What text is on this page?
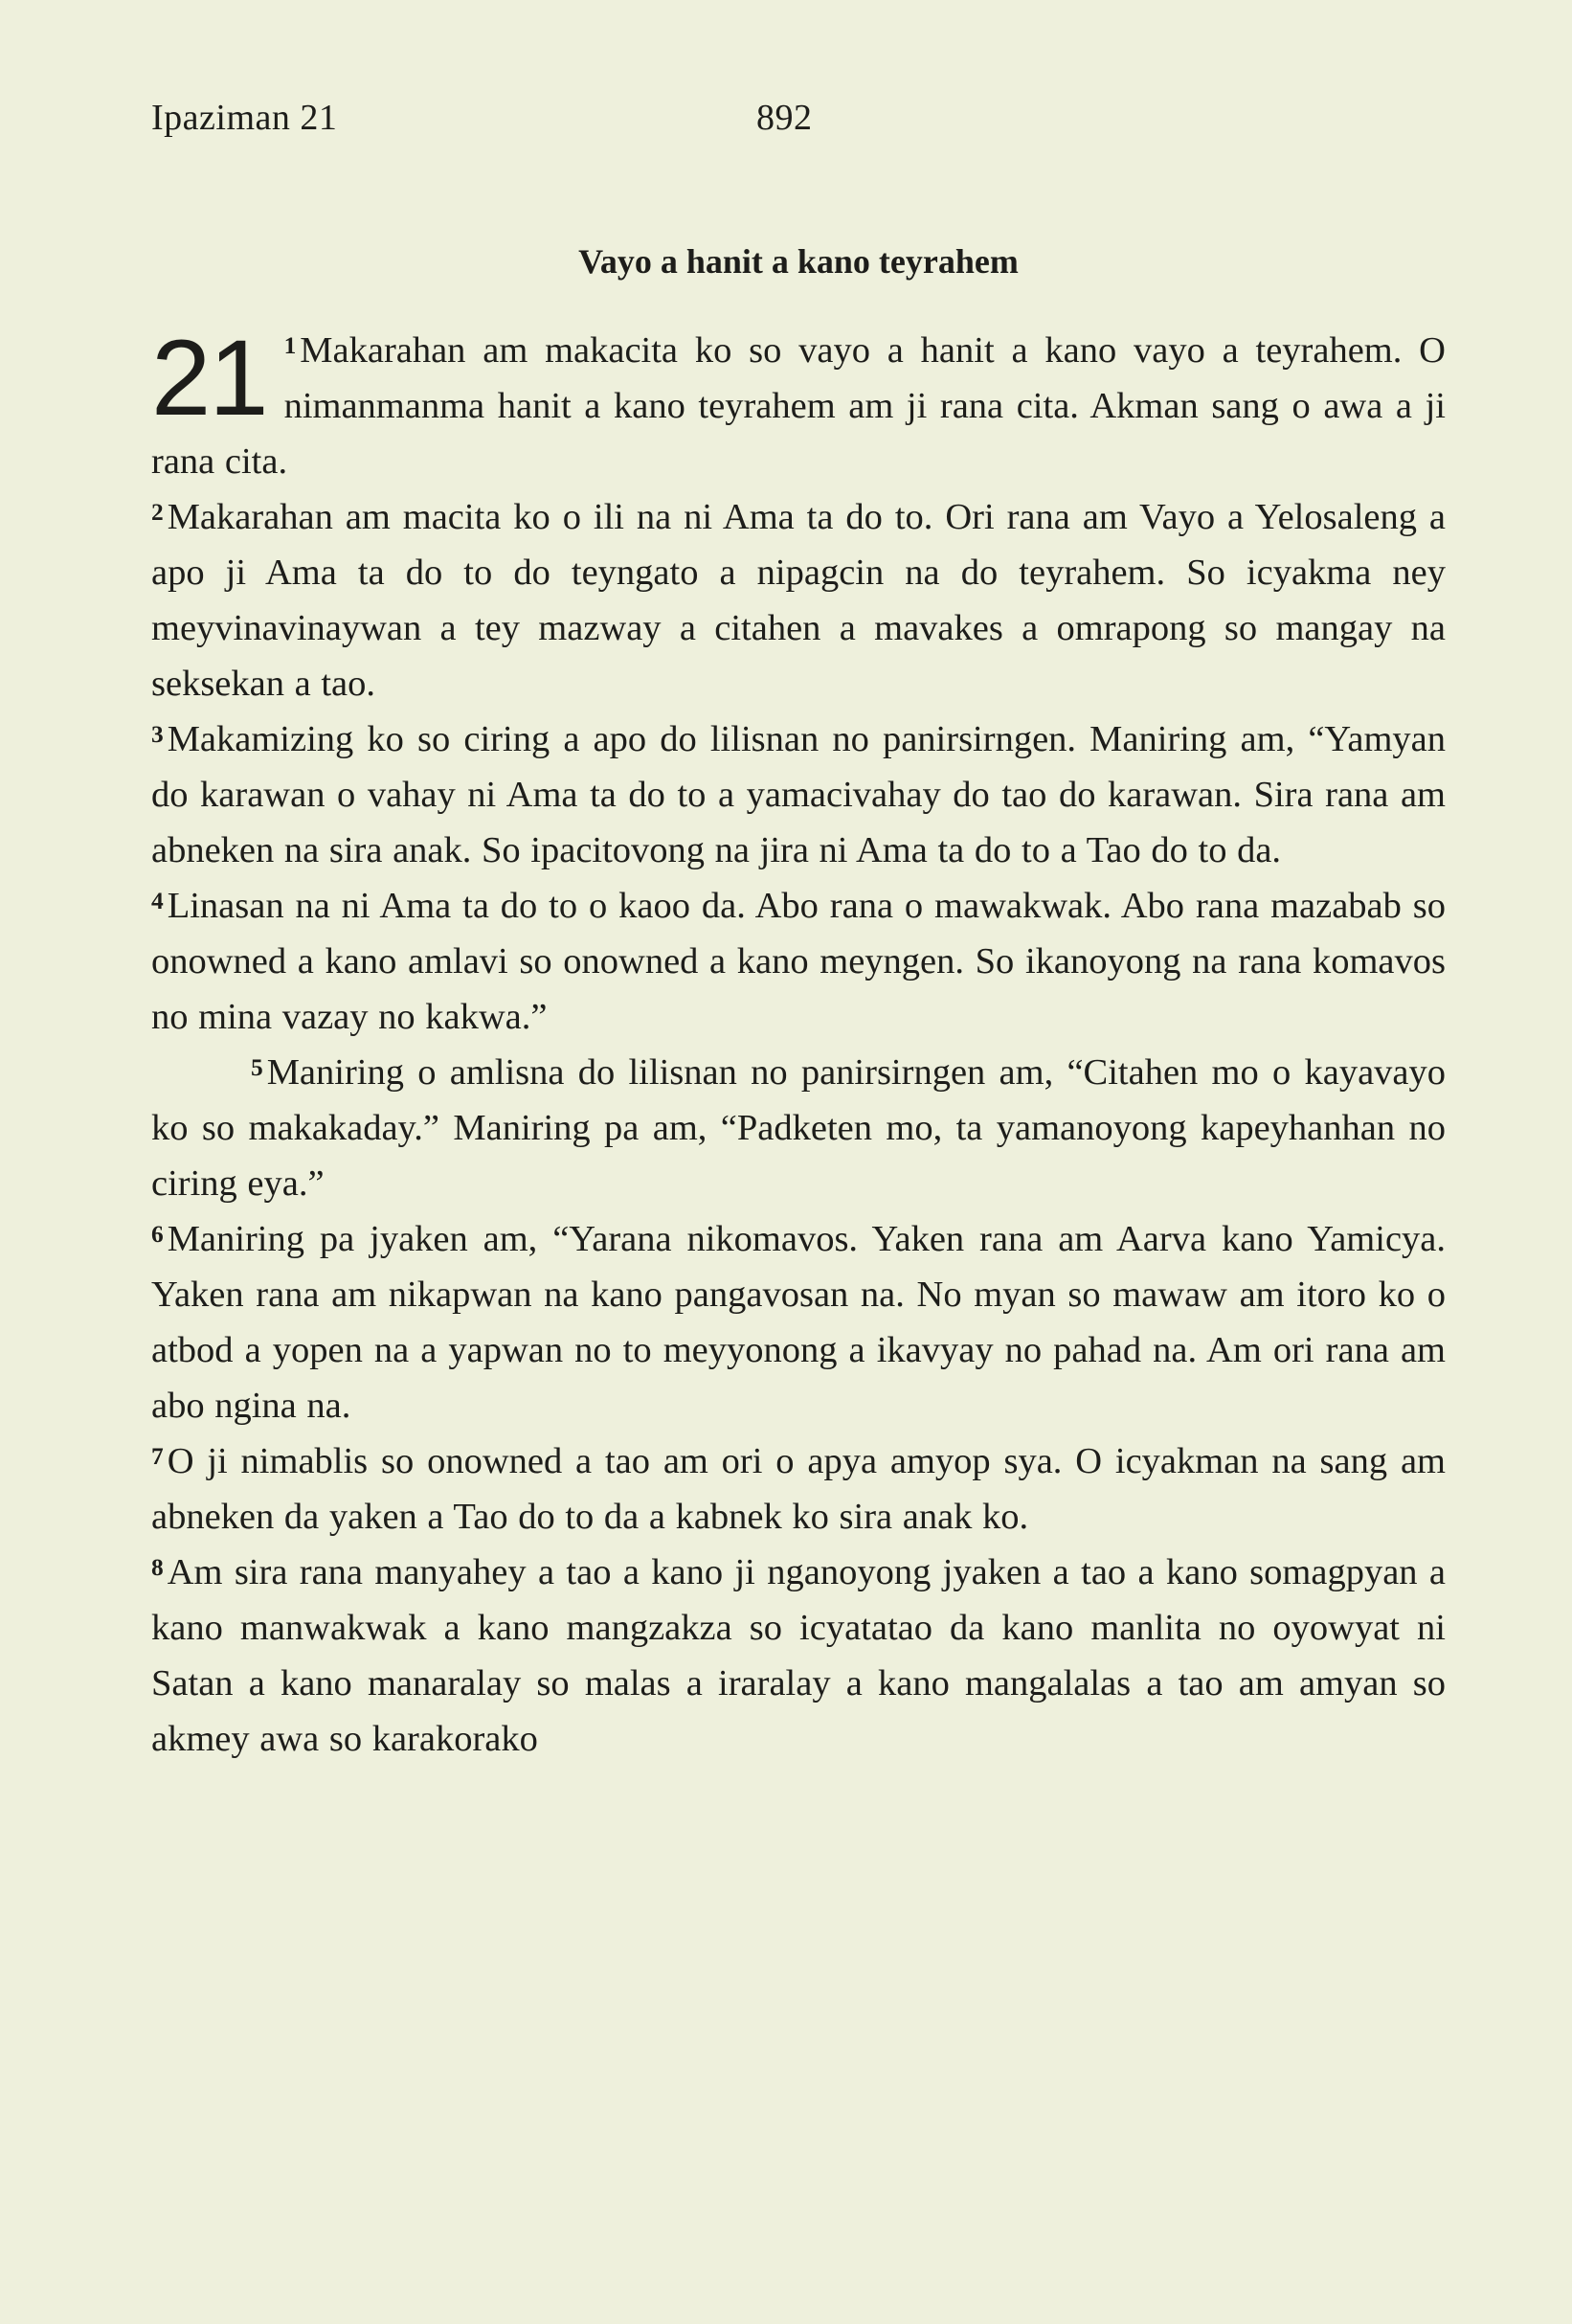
Ipaziman 21	892
Vayo a hanit a kano teyrahem
21 $^1$ Makarahan am makacita ko so vayo a hanit a kano vayo a teyrahem. O nimanmanma hanit a kano teyrahem am ji rana cita. Akman sang o awa a ji rana cita.

$^2$ Makarahan am macita ko o ili na ni Ama ta do to. Ori rana am Vayo a Yelosaleng a apo ji Ama ta do to do teyngato a nipagcin na do teyrahem. So icyakma ney meyvinavinaywan a tey mazway a citahen a mavakes a omrapong so mangay na seksekan a tao.

$^3$ Makamizing ko so ciring a apo do lilisnan no panirsirngen. Maniring am, “Yamyan do karawan o vahay ni Ama ta do to a yamacivahay do tao do karawan. Sira rana am abneken na sira anak. So ipacitovong na jira ni Ama ta do to a Tao do to da.

$^4$ Linasan na ni Ama ta do to o kaoo da. Abo rana o mawakwak. Abo rana mazabab so onowned a kano amlavi so onowned a kano meyngen. So ikanoyong na rana komavos no mina vazay no kakwa.”

$^5$ Maniring o amlisna do lilisnan no panirsirngen am, “Citahen mo o kayavayo ko so makakaday.” Maniring pa am, “Padketen mo, ta yamanoyong kapeyhanhan no ciring eya.”

$^6$ Maniring pa jyaken am, “Yarana nikomavos. Yaken rana am Aarva kano Yamicya. Yaken rana am nikapwan na kano pangavosan na. No myan so mawaw am itoro ko o atbod a yopen na a yapwan no to meyyonong a ikavyay no pahad na. Am ori rana am abo ngina na.

$^7$ O ji nimablis so onowned a tao am ori o apya amyop sya. O icyakman na sang am abneken da yaken a Tao do to da a kabnek ko sira anak ko.

$^8$ Am sira rana manyahey a tao a kano ji nganoyong jyaken a tao a kano somagpyan a kano manwakwak a kano mangzakza so icyatatao da kano manlita no oyowyat ni Satan a kano manaralay so malas a iraralay a kano mangalalas a tao am amyan so akmey awa so karakorako
